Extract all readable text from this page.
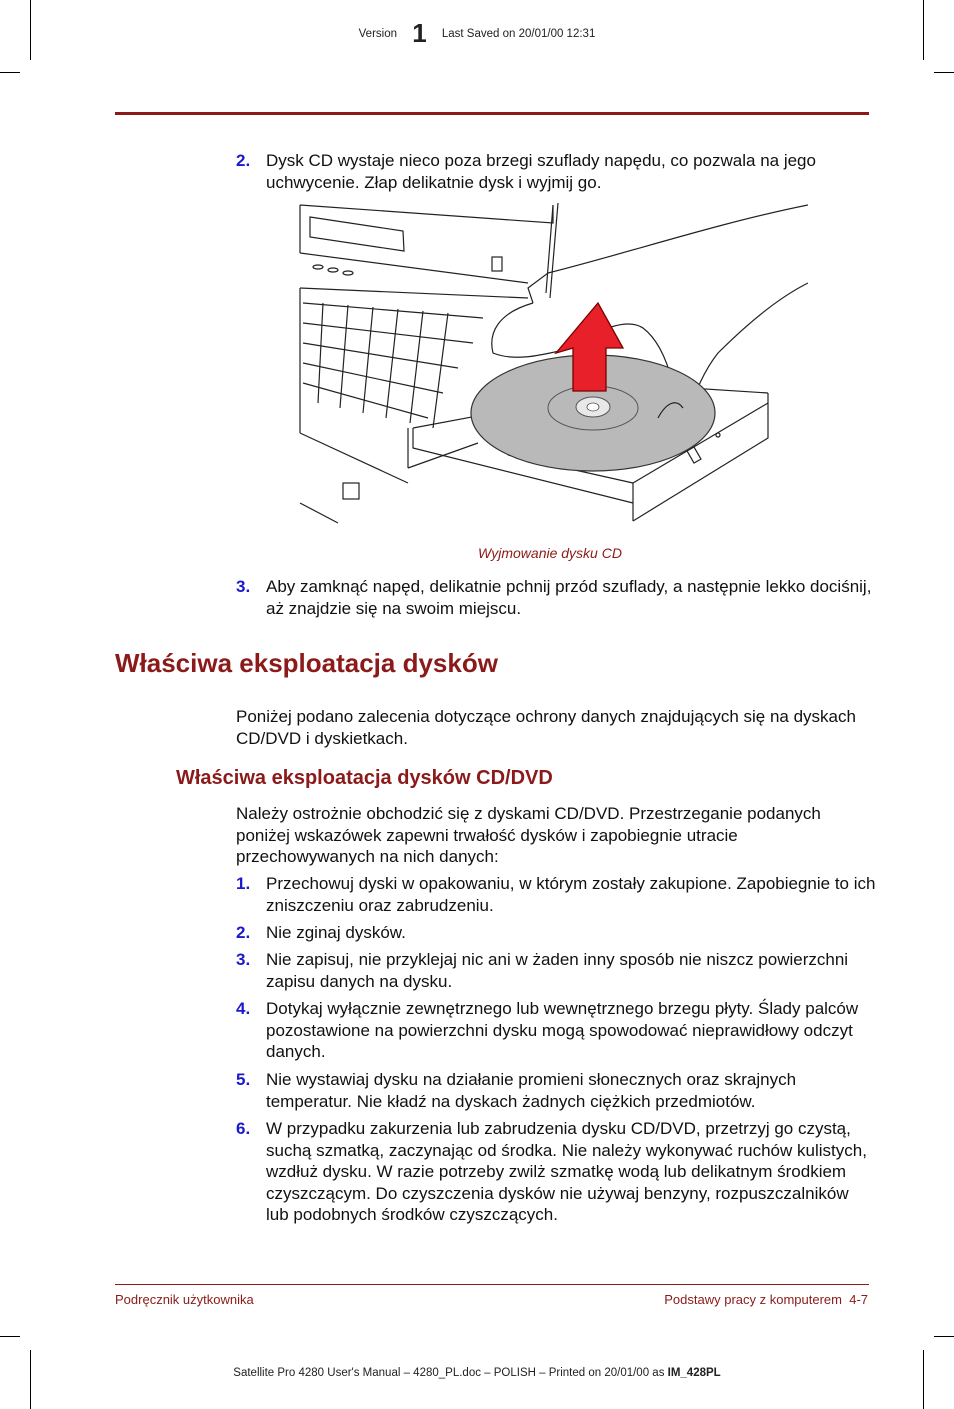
Version 1 Last Saved on 20/01/00 12:31
2. Dysk CD wystaje nieco poza brzegi szuflady napędu, co pozwala na jego uchwycenie. Złap delikatnie dysk i wyjmij go.
Wyjmowanie dysku CD
3. Aby zamknąć napęd, delikatnie pchnij przód szuflady, a następnie lekko dociśnij, aż znajdzie się na swoim miejscu.
Właściwa eksploatacja dysków
Poniżej podano zalecenia dotyczące ochrony danych znajdujących się na dyskach CD/DVD i dyskietkach.
Właściwa eksploatacja dysków CD/DVD
Należy ostrożnie obchodzić się z dyskami CD/DVD. Przestrzeganie podanych poniżej wskazówek zapewni trwałość dysków i zapobiegnie utracie przechowywanych na nich danych:
1. Przechowuj dyski w opakowaniu, w którym zostały zakupione. Zapobiegnie to ich zniszczeniu oraz zabrudzeniu.
2. Nie zginaj dysków.
3. Nie zapisuj, nie przyklejaj nic ani w żaden inny sposób nie niszcz powierzchni zapisu danych na dysku.
4. Dotykaj wyłącznie zewnętrznego lub wewnętrznego brzegu płyty. Ślady palców pozostawione na powierzchni dysku mogą spowodować nieprawidłowy odczyt danych.
5. Nie wystawiaj dysku na działanie promieni słonecznych oraz skrajnych temperatur. Nie kładź na dyskach żadnych ciężkich przedmiotów.
6. W przypadku zakurzenia lub zabrudzenia dysku CD/DVD, przetrzyj go czystą, suchą szmatką, zaczynając od środka. Nie należy wykonywać ruchów kulistych, wzdłuż dysku. W razie potrzeby zwilż szmatkę wodą lub delikatnym środkiem czyszczącym. Do czyszczenia dysków nie używaj benzyny, rozpuszczalników lub podobnych środków czyszczących.
Podręcznik użytkownika	Podstawy pracy z komputerem  4-7
Satellite Pro 4280 User's Manual – 4280_PL.doc – POLISH – Printed on 20/01/00 as IM_428PL
